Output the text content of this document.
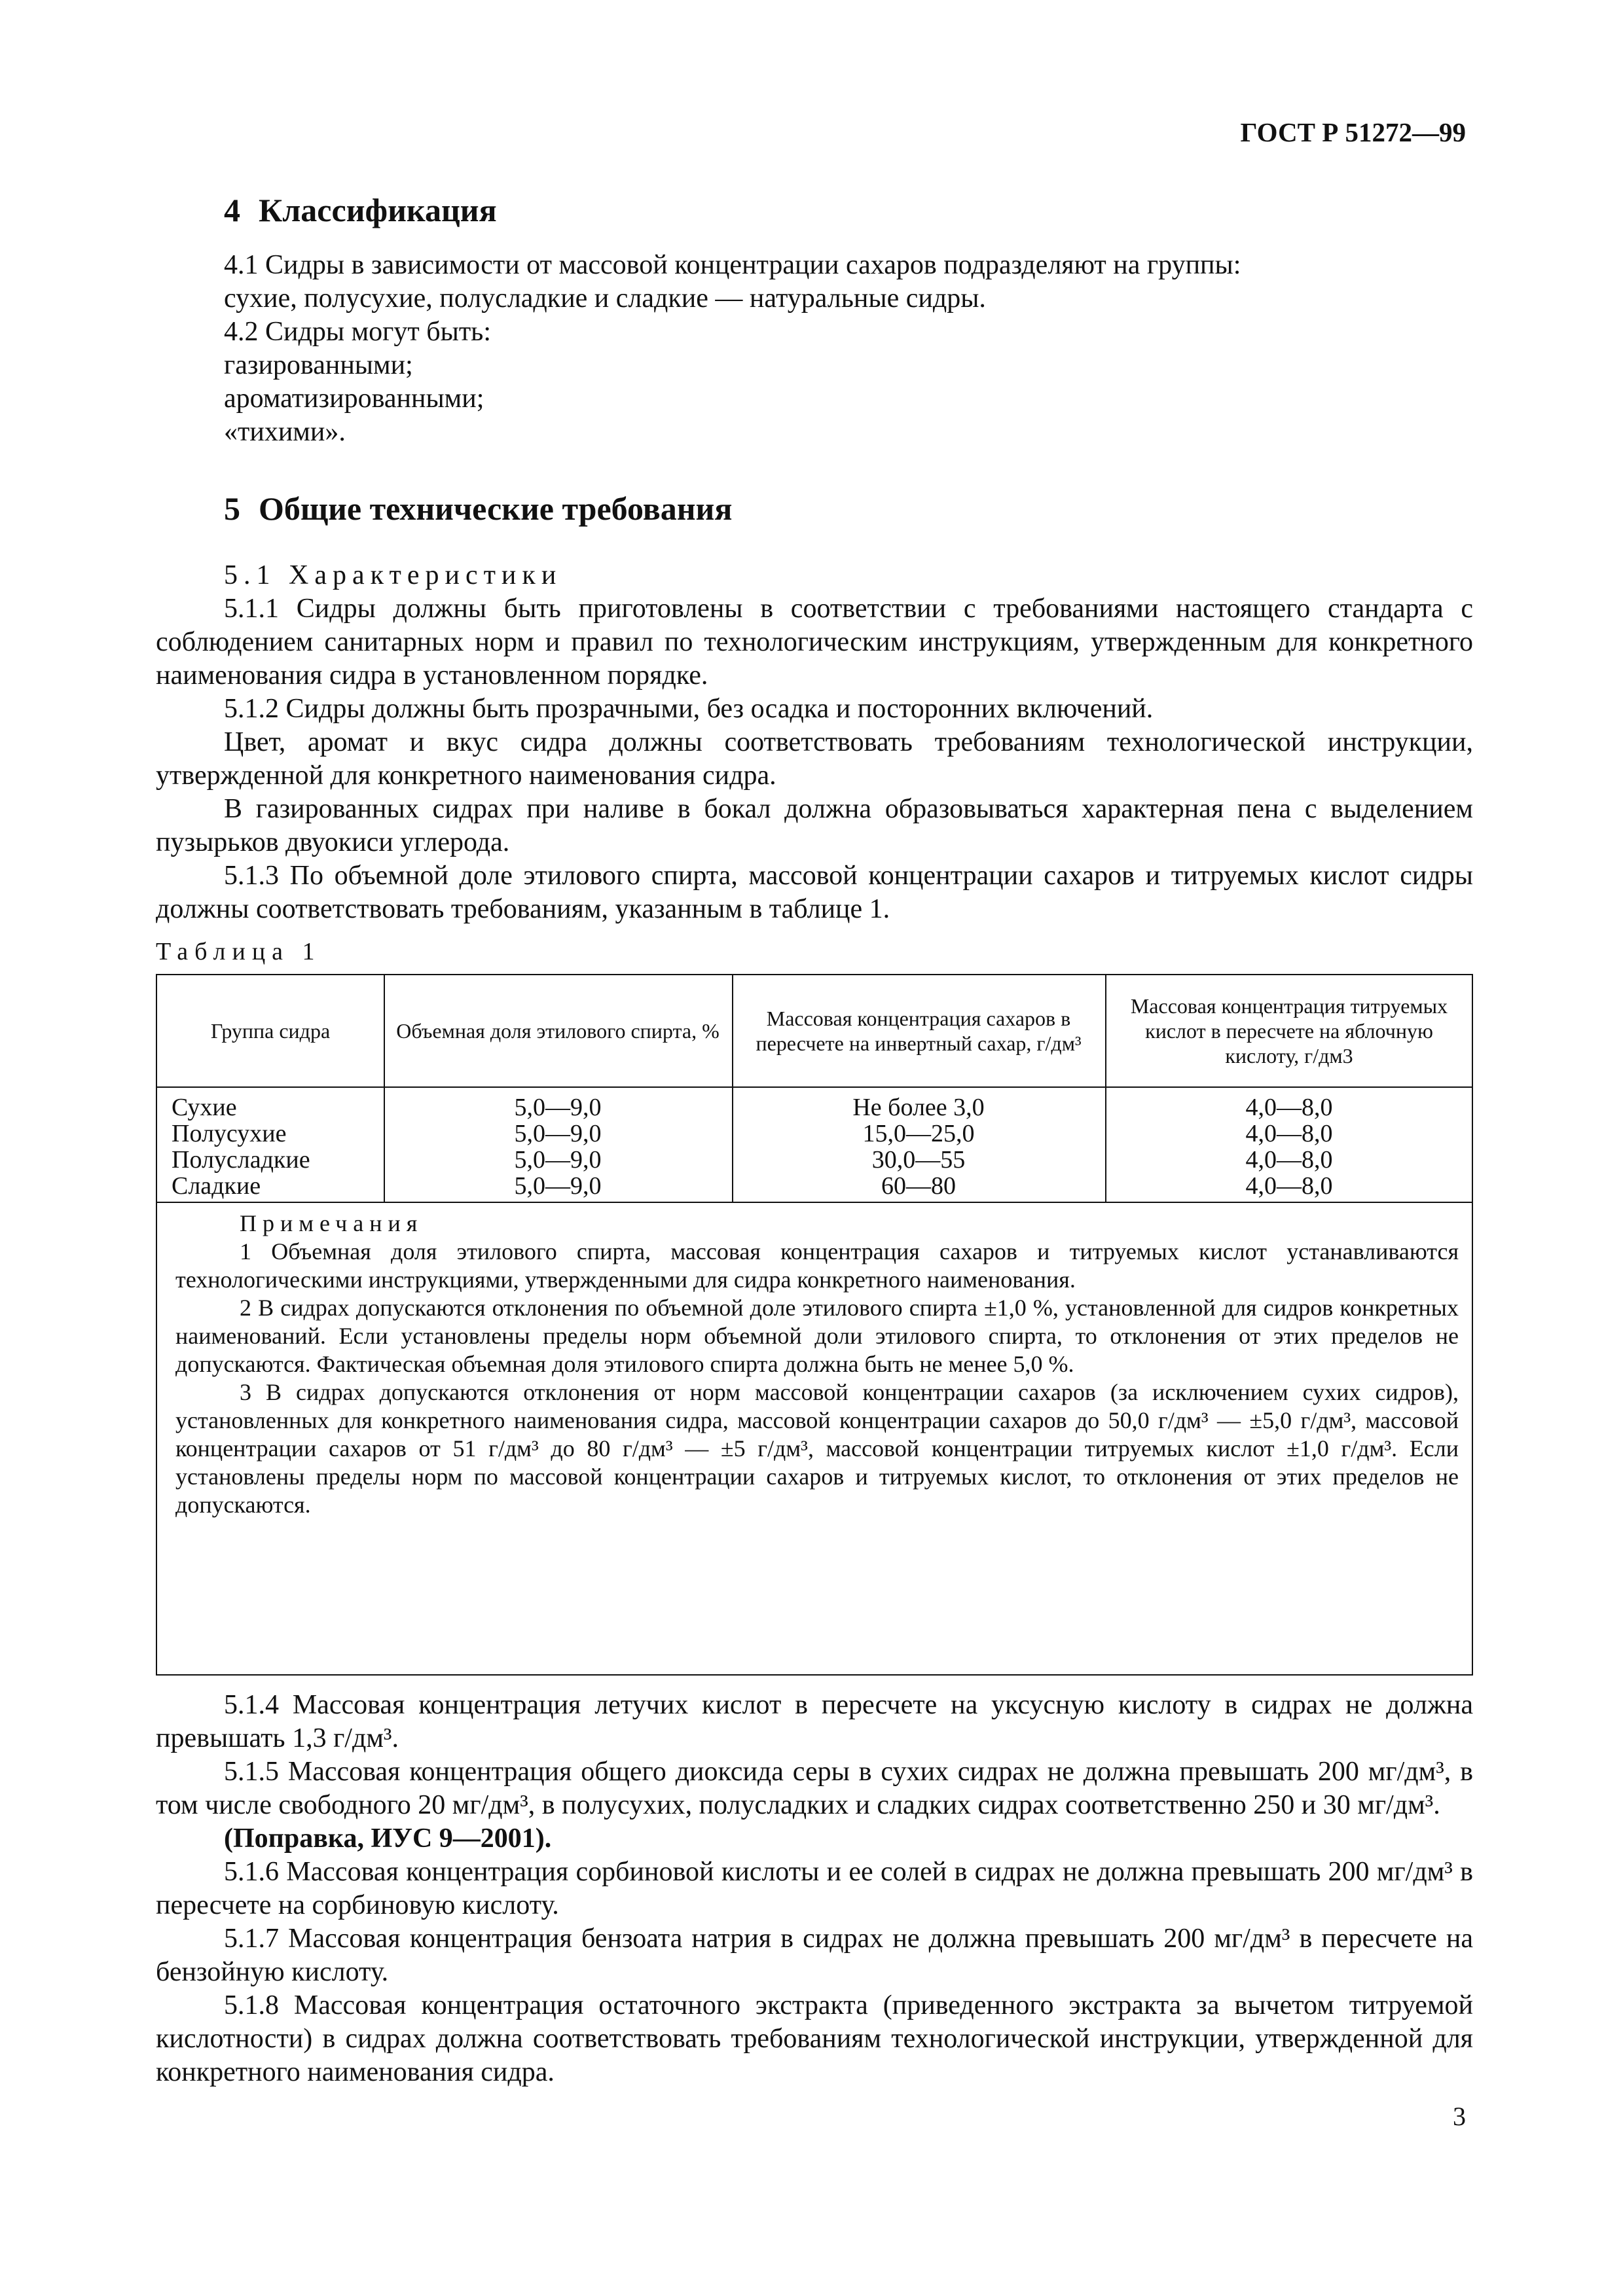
ГОСТ Р 51272—99
4 Классификация

4.1 Сидры в зависимости от массовой концентрации сахаров подразделяют на группы:

сухие, полусухие, полусладкие и сладкие — натуральные сидры.

4.2 Сидры могут быть:

газированными;

ароматизированными;

«тихими».

5 Общие технические требования

5.1 Характеристики

5.1.1 Сидры должны быть приготовлены в соответствии с требованиями настоящего стандарта с соблюдением санитарных норм и правил по технологическим инструкциям, утвержденным для конкретного наименования сидра в установленном порядке.

5.1.2 Сидры должны быть прозрачными, без осадка и посторонних включений.

Цвет, аромат и вкус сидра должны соответствовать требованиям технологической инструкции, утвержденной для конкретного наименования сидра.

В газированных сидрах при наливе в бокал должна образовываться характерная пена с выделением пузырьков двуокиси углерода.

5.1.3 По объемной доле этилового спирта, массовой концентрации сахаров и титруемых кислот сидры должны соответствовать требованиям, указанным в таблице 1.

Таблица 1
Группа сидра	Объемная доля этилового спирта, %
Массовая концентрация сахаров в пересчете на инвертный сахар, г/дм³
Массовая концентрация титруемых кислот в пересчете на яблочную кислоту, г/дм3
Сухие
Полусухие
Полусладкие
Сладкие
5,0—9,0
5,0—9,0
5,0—9,0
5,0—9,0
Не более 3,0
15,0—25,0
30,0—55
60—80
4,0—8,0
4,0—8,0
4,0—8,0
4,0—8,0

Примечания

1 Объемная доля этилового спирта, массовая концентрация сахаров и титруемых кислот устанавливаются технологическими инструкциями, утвержденными для сидра конкретного наименования.

2 В сидрах допускаются отклонения по объемной доле этилового спирта ±1,0 %, установленной для сидров конкретных наименований. Если установлены пределы норм объемной доли этилового спирта, то отклонения от этих пределов не допускаются. Фактическая объемная доля этилового спирта должна быть не менее 5,0 %.

3 В сидрах допускаются отклонения от норм массовой концентрации сахаров (за исключением сухих сидров), установленных для конкретного наименования сидра, массовой концентрации сахаров до 50,0 г/дм³ — ±5,0 г/дм³, массовой концентрации сахаров от 51 г/дм³ до 80 г/дм³ — ±5 г/дм³, массовой концентрации титруемых кислот ±1,0 г/дм³. Если установлены пределы норм по массовой концентрации сахаров и титруемых кислот, то отклонения от этих пределов не допускаются.

5.1.4 Массовая концентрация летучих кислот в пересчете на уксусную кислоту в сидрах не должна превышать 1,3 г/дм³.

5.1.5 Массовая концентрация общего диоксида серы в сухих сидрах не должна превышать 200 мг/дм³, в том числе свободного 20 мг/дм³, в полусухих, полусладких и сладких сидрах соответственно 250 и 30 мг/дм³.

(Поправка, ИУС 9—2001).

5.1.6 Массовая концентрация сорбиновой кислоты и ее солей в сидрах не должна превышать 200 мг/дм³ в пересчете на сорбиновую кислоту.

5.1.7 Массовая концентрация бензоата натрия в сидрах не должна превышать 200 мг/дм³ в пересчете на бензойную кислоту.

5.1.8 Массовая концентрация остаточного экстракта (приведенного экстракта за вычетом титруемой кислотности) в сидрах должна соответствовать требованиям технологической инструкции, утвержденной для конкретного наименования сидра.

3
